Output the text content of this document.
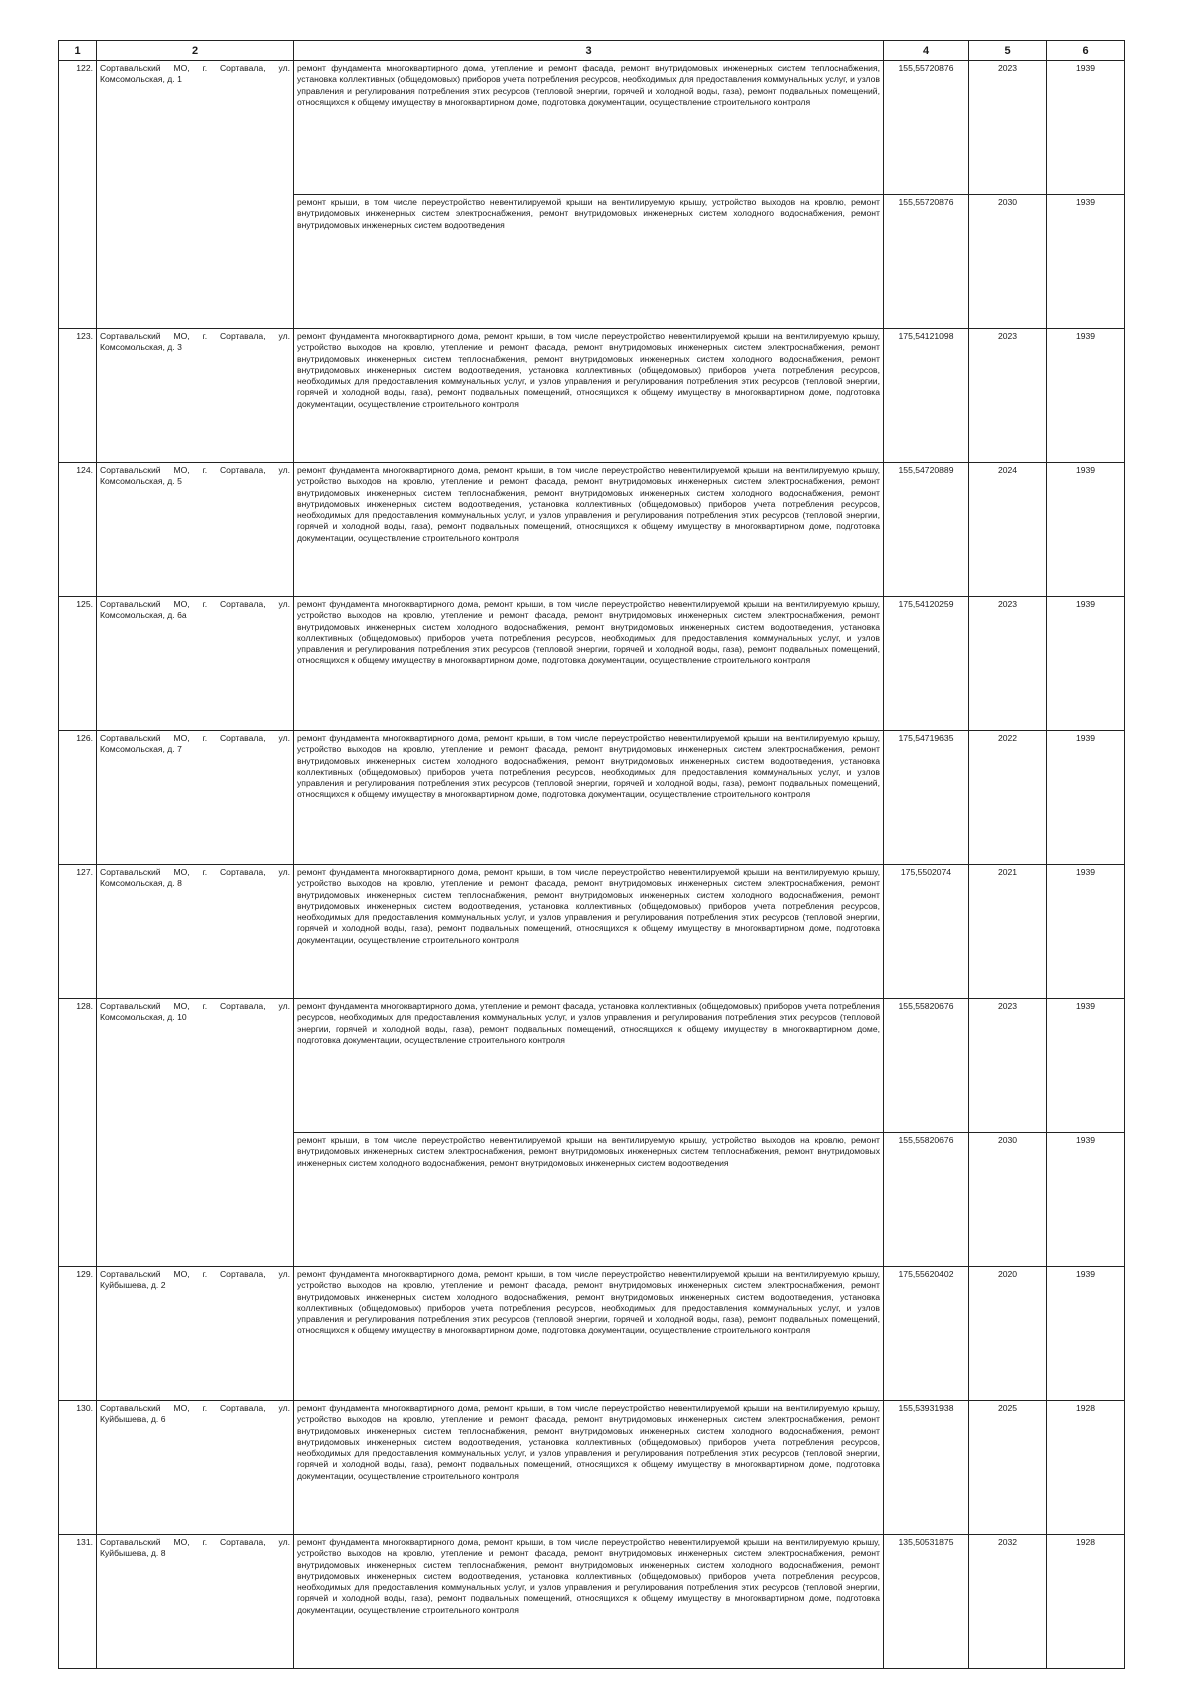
1	2	3	4	5	6
122.	Сортавальский МО, г. Сортавала, ул. Комсомольская, д. 1	ремонт фундамента многоквартирного дома, утепление и ремонт фасада, ремонт внутридомовых инженерных систем теплоснабжения, установка коллективных (общедомовых) приборов учета потребления ресурсов, необходимых для предоставления коммунальных услуг, и узлов управления и регулирования потребления этих ресурсов (тепловой энергии, горячей и холодной воды, газа), ремонт подвальных помещений, относящихся к общему имуществу в многоквартирном доме, подготовка документации, осуществление строительного контроля	155,55720876	2023	1939
		ремонт крыши, в том числе переустройство невентилируемой крыши на вентилируемую крышу, устройство выходов на кровлю, ремонт внутридомовых инженерных систем электроснабжения, ремонт внутридомовых инженерных систем холодного водоснабжения, ремонт внутридомовых инженерных систем водоотведения	155,55720876	2030	1939
123.	Сортавальский МО, г. Сортавала, ул. Комсомольская, д. 3	ремонт фундамента многоквартирного дома, ремонт крыши, в том числе переустройство невентилируемой крыши на вентилируемую крышу, устройство выходов на кровлю, утепление и ремонт фасада, ремонт внутридомовых инженерных систем электроснабжения, ремонт внутридомовых инженерных систем теплоснабжения, ремонт внутридомовых инженерных систем холодного водоснабжения, ремонт внутридомовых инженерных систем водоотведения, установка коллективных (общедомовых) приборов учета потребления ресурсов, необходимых для предоставления коммунальных услуг, и узлов управления и регулирования потребления этих ресурсов (тепловой энергии, горячей и холодной воды, газа), ремонт подвальных помещений, относящихся к общему имуществу в многоквартирном доме, подготовка документации, осуществление строительного контроля	175,54121098	2023	1939
124.	Сортавальский МО, г. Сортавала, ул. Комсомольская, д. 5	ремонт фундамента многоквартирного дома, ремонт крыши, в том числе переустройство невентилируемой крыши на вентилируемую крышу, устройство выходов на кровлю, утепление и ремонт фасада, ремонт внутридомовых инженерных систем электроснабжения, ремонт внутридомовых инженерных систем теплоснабжения, ремонт внутридомовых инженерных систем холодного водоснабжения, ремонт внутридомовых инженерных систем водоотведения, установка коллективных (общедомовых) приборов учета потребления ресурсов, необходимых для предоставления коммунальных услуг, и узлов управления и регулирования потребления этих ресурсов (тепловой энергии, горячей и холодной воды, газа), ремонт подвальных помещений, относящихся к общему имуществу в многоквартирном доме, подготовка документации, осуществление строительного контроля	155,54720889	2024	1939
125.	Сортавальский МО, г. Сортавала, ул. Комсомольская, д. 6а	ремонт фундамента многоквартирного дома, ремонт крыши, в том числе переустройство невентилируемой крыши на вентилируемую крышу, устройство выходов на кровлю, утепление и ремонт фасада, ремонт внутридомовых инженерных систем электроснабжения, ремонт внутридомовых инженерных систем холодного водоснабжения, ремонт внутридомовых инженерных систем водоотведения, установка коллективных (общедомовых) приборов учета потребления ресурсов, необходимых для предоставления коммунальных услуг, и узлов управления и регулирования потребления этих ресурсов (тепловой энергии, горячей и холодной воды, газа), ремонт подвальных помещений, относящихся к общему имуществу в многоквартирном доме, подготовка документации, осуществление строительного контроля	175,54120259	2023	1939
126.	Сортавальский МО, г. Сортавала, ул. Комсомольская, д. 7	ремонт фундамента многоквартирного дома, ремонт крыши, в том числе переустройство невентилируемой крыши на вентилируемую крышу, устройство выходов на кровлю, утепление и ремонт фасада, ремонт внутридомовых инженерных систем электроснабжения, ремонт внутридомовых инженерных систем холодного водоснабжения, ремонт внутридомовых инженерных систем водоотведения, установка коллективных (общедомовых) приборов учета потребления ресурсов, необходимых для предоставления коммунальных услуг, и узлов управления и регулирования потребления этих ресурсов (тепловой энергии, горячей и холодной воды, газа), ремонт подвальных помещений, относящихся к общему имуществу в многоквартирном доме, подготовка документации, осуществление строительного контроля	175,54719635	2022	1939
127.	Сортавальский МО, г. Сортавала, ул. Комсомольская, д. 8	ремонт фундамента многоквартирного дома, ремонт крыши, в том числе переустройство невентилируемой крыши на вентилируемую крышу, устройство выходов на кровлю, утепление и ремонт фасада, ремонт внутридомовых инженерных систем электроснабжения, ремонт внутридомовых инженерных систем теплоснабжения, ремонт внутридомовых инженерных систем холодного водоснабжения, ремонт внутридомовых инженерных систем водоотведения, установка коллективных (общедомовых) приборов учета потребления ресурсов, необходимых для предоставления коммунальных услуг, и узлов управления и регулирования потребления этих ресурсов (тепловой энергии, горячей и холодной воды, газа), ремонт подвальных помещений, относящихся к общему имуществу в многоквартирном доме, подготовка документации, осуществление строительного контроля	175,5502074	2021	1939
128.	Сортавальский МО, г. Сортавала, ул. Комсомольская, д. 10	ремонт фундамента многоквартирного дома, утепление и ремонт фасада, установка коллективных (общедомовых) приборов учета потребления ресурсов, необходимых для предоставления коммунальных услуг, и узлов управления и регулирования потребления этих ресурсов (тепловой энергии, горячей и холодной воды, газа), ремонт подвальных помещений, относящихся к общему имуществу в многоквартирном доме, подготовка документации, осуществление строительного контроля	155,55820676	2023	1939
		ремонт крыши, в том числе переустройство невентилируемой крыши на вентилируемую крышу, устройство выходов на кровлю, ремонт внутридомовых инженерных систем электроснабжения, ремонт внутридомовых инженерных систем теплоснабжения, ремонт внутридомовых инженерных систем холодного водоснабжения, ремонт внутридомовых инженерных систем водоотведения	155,55820676	2030	1939
129.	Сортавальский МО, г. Сортавала, ул. Куйбышева, д. 2	ремонт фундамента многоквартирного дома, ремонт крыши, в том числе переустройство невентилируемой крыши на вентилируемую крышу, устройство выходов на кровлю, утепление и ремонт фасада, ремонт внутридомовых инженерных систем электроснабжения, ремонт внутридомовых инженерных систем холодного водоснабжения, ремонт внутридомовых инженерных систем водоотведения, установка коллективных (общедомовых) приборов учета потребления ресурсов, необходимых для предоставления коммунальных услуг, и узлов управления и регулирования потребления этих ресурсов (тепловой энергии, горячей и холодной воды, газа), ремонт подвальных помещений, относящихся к общему имуществу в многоквартирном доме, подготовка документации, осуществление строительного контроля	175,55620402	2020	1939
130.	Сортавальский МО, г. Сортавала, ул. Куйбышева, д. 6	ремонт фундамента многоквартирного дома, ремонт крыши, в том числе переустройство невентилируемой крыши на вентилируемую крышу, устройство выходов на кровлю, утепление и ремонт фасада, ремонт внутридомовых инженерных систем электроснабжения, ремонт внутридомовых инженерных систем теплоснабжения, ремонт внутридомовых инженерных систем холодного водоснабжения, ремонт внутридомовых инженерных систем водоотведения, установка коллективных (общедомовых) приборов учета потребления ресурсов, необходимых для предоставления коммунальных услуг, и узлов управления и регулирования потребления этих ресурсов (тепловой энергии, горячей и холодной воды, газа), ремонт подвальных помещений, относящихся к общему имуществу в многоквартирном доме, подготовка документации, осуществление строительного контроля	155,53931938	2025	1928
131.	Сортавальский МО, г. Сортавала, ул. Куйбышева, д. 8	ремонт фундамента многоквартирного дома, ремонт крыши, в том числе переустройство невентилируемой крыши на вентилируемую крышу, устройство выходов на кровлю, утепление и ремонт фасада, ремонт внутридомовых инженерных систем электроснабжения, ремонт внутридомовых инженерных систем теплоснабжения, ремонт внутридомовых инженерных систем холодного водоснабжения, ремонт внутридомовых инженерных систем водоотведения, установка коллективных (общедомовых) приборов учета потребления ресурсов, необходимых для предоставления коммунальных услуг, и узлов управления и регулирования потребления этих ресурсов (тепловой энергии, горячей и холодной воды, газа), ремонт подвальных помещений, относящихся к общему имуществу в многоквартирном доме, подготовка документации, осуществление строительного контроля	135,50531875	2032	1928
